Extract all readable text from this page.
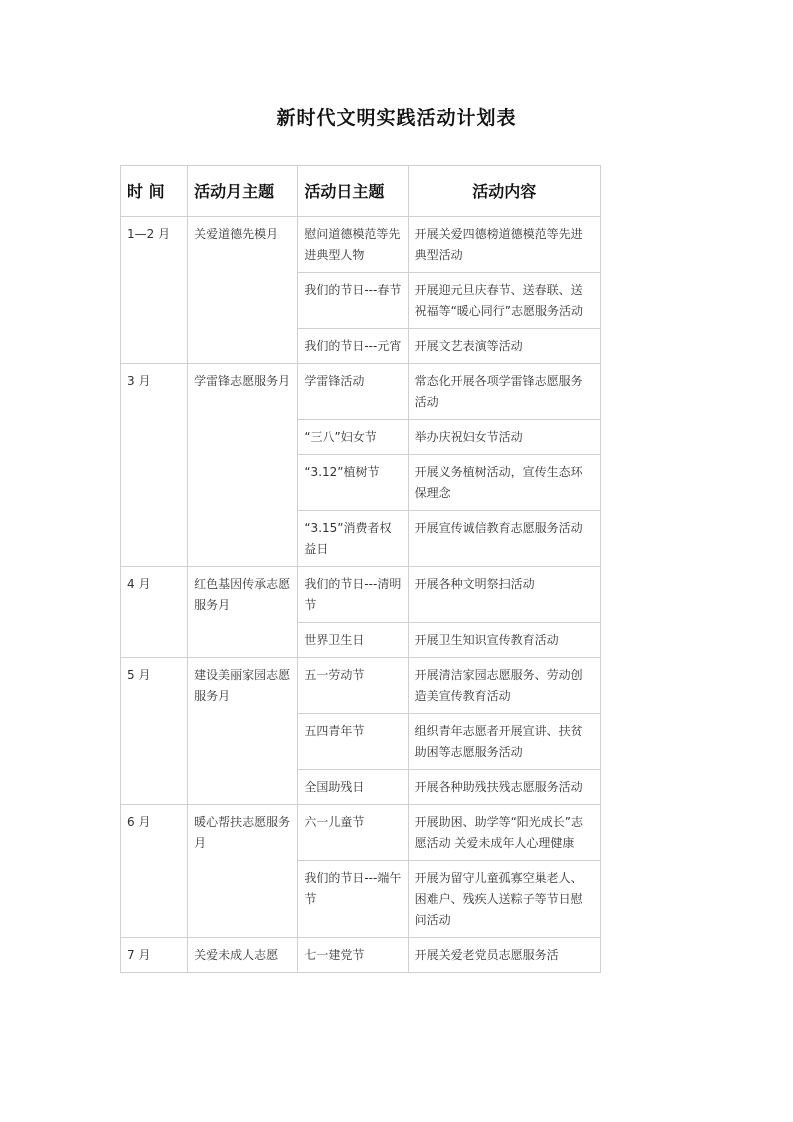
新时代文明实践活动计划表
时 间	活动月主题	活动日主题	活动内容
1—2 月	关爱道德先模月	慰问道德模范等先进典型人物	开展关爱四德榜道德模范等先进典型活动
		我们的节日---春节	开展迎元旦庆春节、送春联、送祝福等“暖心同行”志愿服务活动
		我们的节日---元宵	开展文艺表演等活动
3 月	学雷锋志愿服务月	学雷锋活动	常态化开展各项学雷锋志愿服务活动
		“三八”妇女节	举办庆祝妇女节活动
		“3.12”植树节	开展义务植树活动，宣传生态环保理念
		“3.15”消费者权益日	开展宣传诚信教育志愿服务活动
4 月	红色基因传承志愿服务月	我们的节日---清明节	开展各种文明祭扫活动
		世界卫生日	开展卫生知识宣传教育活动
5 月	建设美丽家园志愿服务月	五一劳动节	开展清洁家园志愿服务、劳动创造美宣传教育活动
		五四青年节	组织青年志愿者开展宣讲、扶贫助困等志愿服务活动
		全国助残日	开展各种助残扶残志愿服务活动
6 月	暖心帮扶志愿服务月	六一儿童节	开展助困、助学等“阳光成长”志愿活动 关爱未成年人心理健康
		我们的节日---端午节	开展为留守儿童孤寡空巢老人、困难户、残疾人送粽子等节日慰问活动
7 月	关爱未成人志愿	七一建党节	开展关爱老党员志愿服务活
